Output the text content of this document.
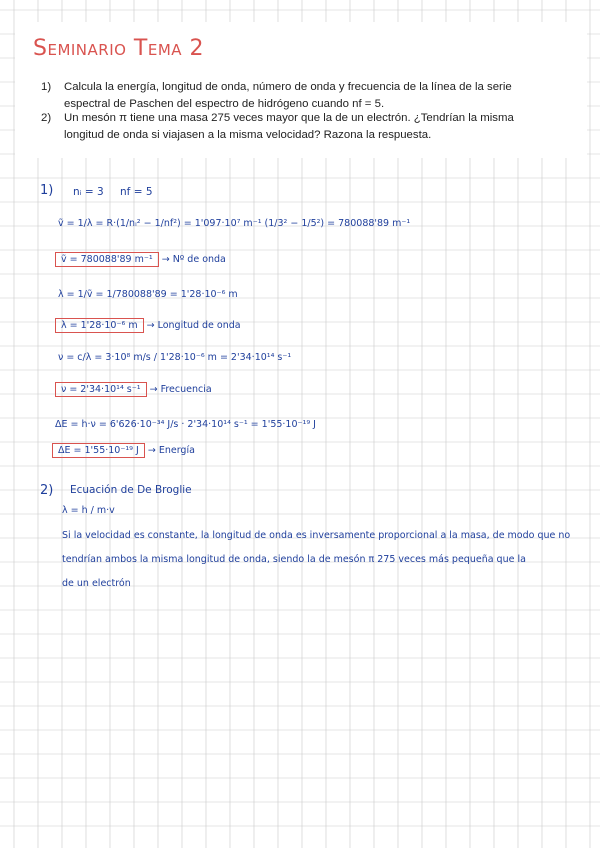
Seminario Tema 2
1) Calcula la energía, longitud de onda, número de onda y frecuencia de la línea de la serie espectral de Paschen del espectro de hidrógeno cuando nf = 5.
2) Un mesón π tiene una masa 275 veces mayor que la de un electrón. ¿Tendrían la misma longitud de onda si viajasen a la misma velocidad? Razona la respuesta.
1) nᵢ = 3 nf = 5
ṽ = 1/λ = R·(1/nᵢ² − 1/nf²) = 1'097·10⁷ m⁻¹ (1/3² − 1/5²) = 780088'89 m⁻¹
ṽ = 780088'89 m⁻¹ → Nº de onda
λ = 1/ṽ = 1/780088'89 = 1'28·10⁻⁶ m
λ = 1'28·10⁻⁶ m → Longitud de onda
ν = c/λ = 3·10⁸ m/s / 1'28·10⁻⁶ m = 2'34·10¹⁴ s⁻¹
ν = 2'34·10¹⁴ s⁻¹ → Frecuencia
ΔE = h·ν = 6'626·10⁻³⁴ J/s · 2'34·10¹⁴ s⁻¹ = 1'55·10⁻¹⁹ J
ΔE = 1'55·10⁻¹⁹ J → Energía
2) Ecuación de De Broglie
λ = h / m·v
Si la velocidad es constante, la longitud de onda es inversamente proporcional a la masa, de modo que no
tendrían ambos la misma longitud de onda, siendo la de mesón π 275 veces más pequeña que la
de un electrón
